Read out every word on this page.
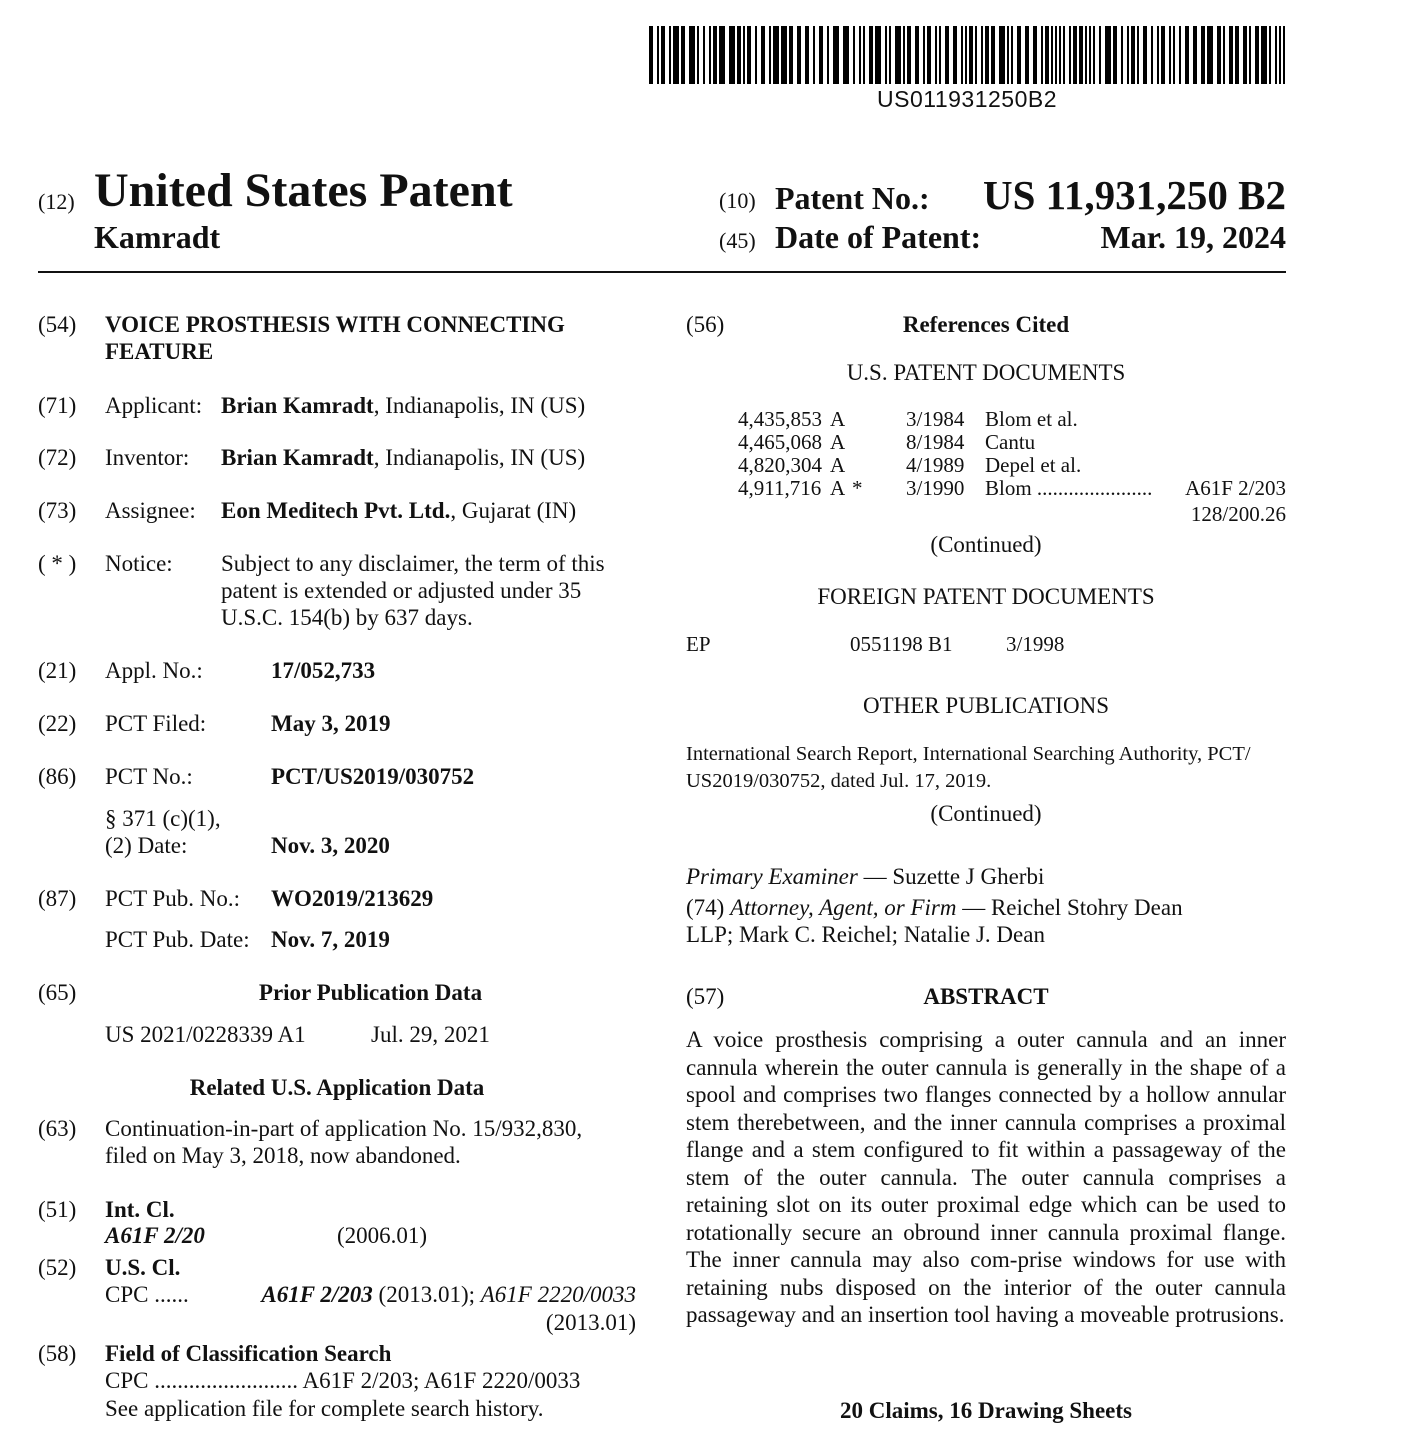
US011931250B2
(12) United States Patent
Kamradt
(10) Patent No.:	US 11,931,250 B2
(45) Date of Patent:	Mar. 19, 2024
(54) VOICE PROSTHESIS WITH CONNECTING
FEATURE
(71) Applicant: Brian Kamradt, Indianapolis, IN (US)
(72) Inventor: Brian Kamradt, Indianapolis, IN (US)
(73) Assignee: Eon Meditech Pvt. Ltd., Gujarat (IN)
( * ) Notice: Subject to any disclaimer, the term of this
patent is extended or adjusted under 35
U.S.C. 154(b) by 637 days.
(21) Appl. No.:	17/052,733
(22) PCT Filed:	May 3, 2019
(86) PCT No.:	PCT/US2019/030752
§ 371 (c)(1),
(2) Date:	Nov. 3, 2020
(87) PCT Pub. No.: WO2019/213629
PCT Pub. Date: Nov. 7, 2019
(65)	Prior Publication Data
US 2021/0228339 A1	Jul. 29, 2021
Related U.S. Application Data
(63) Continuation-in-part of application No. 15/932,830,
filed on May 3, 2018, now abandoned.
(51) Int. Cl.
A61F 2/20	(2006.01)
(52) U.S. Cl.
CPC ......	A61F 2/203 (2013.01); A61F 2220/0033
(2013.01)
(58) Field of Classification Search
CPC ......................... A61F 2/203; A61F 2220/0033
See application file for complete search history.
(56)	References Cited
U.S. PATENT DOCUMENTS
4,435,853	A		3/1984	Blom et al.	
4,465,068	A		8/1984	Cantu	
4,820,304	A		4/1989	Depel et al.	
4,911,716	A	*	3/1990	Blom ......................	A61F 2/203
128/200.26
(Continued)
FOREIGN PATENT DOCUMENTS
EP	0551198 B1	3/1998
OTHER PUBLICATIONS
International Search Report, International Searching Authority, PCT/
US2019/030752, dated Jul. 17, 2019.
(Continued)
Primary Examiner — Suzette J Gherbi
(74) Attorney, Agent, or Firm — Reichel Stohry Dean
LLP; Mark C. Reichel; Natalie J. Dean
(57)	ABSTRACT
A voice prosthesis comprising a outer cannula and an inner cannula wherein the outer cannula is generally in the shape of a spool and comprises two flanges connected by a hollow annular stem therebetween, and the inner cannula comprises a proximal flange and a stem configured to fit within a passageway of the stem of the outer cannula. The outer cannula comprises a retaining slot on its outer proximal edge which can be used to rotationally secure an obround inner cannula proximal flange. The inner cannula may also com-prise windows for use with retaining nubs disposed on the interior of the outer cannula passageway and an insertion tool having a moveable protrusions.
20 Claims, 16 Drawing Sheets
